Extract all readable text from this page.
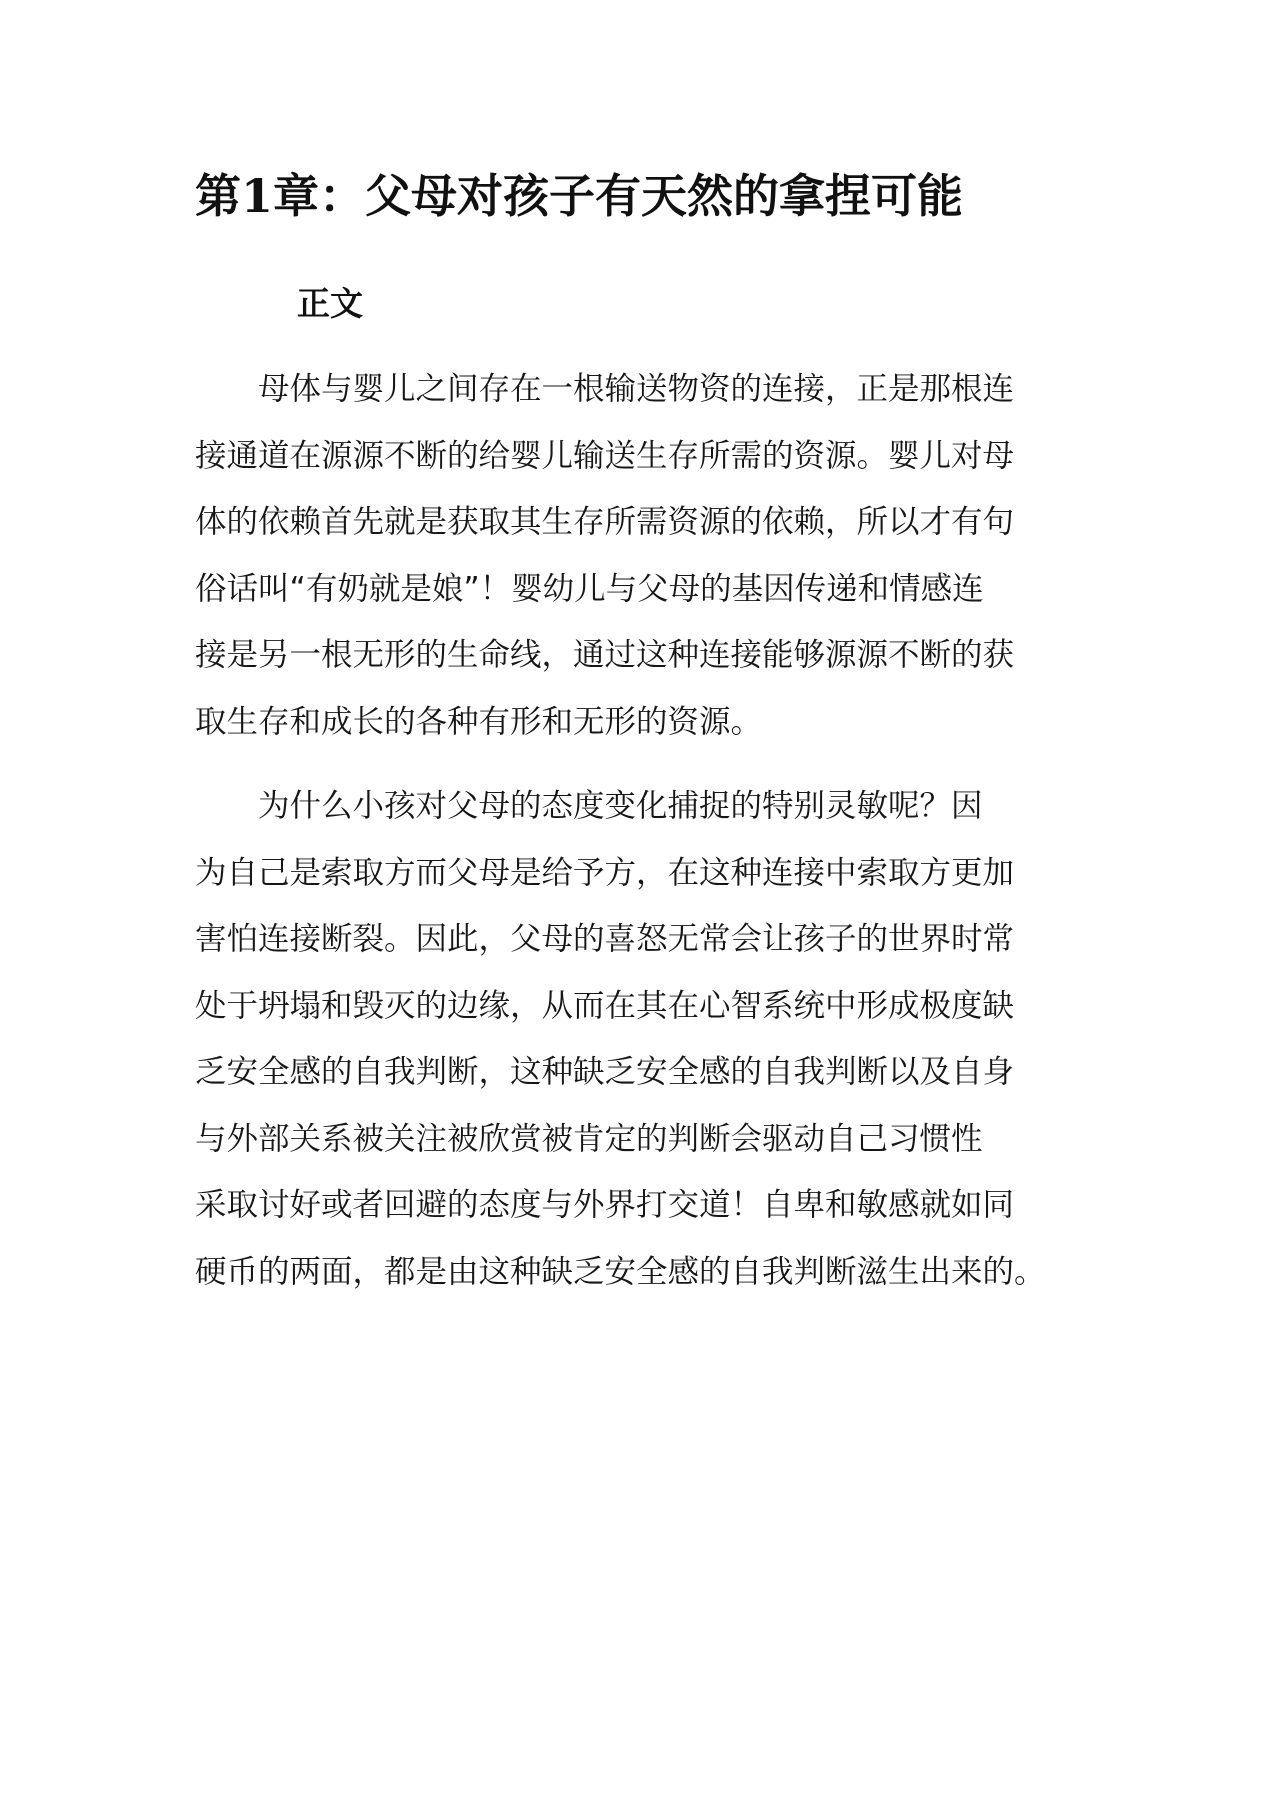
第1章：父母对孩子有天然的拿捏可能
正文
　　母体与婴儿之间存在一根输送物资的连接，正是那根连
接通道在源源不断的给婴儿输送生存所需的资源。婴儿对母
体的依赖首先就是获取其生存所需资源的依赖，所以才有句
俗话叫“有奶就是娘”！婴幼儿与父母的基因传递和情感连
接是另一根无形的生命线，通过这种连接能够源源不断的获
取生存和成长的各种有形和无形的资源。
　　为什么小孩对父母的态度变化捕捉的特别灵敏呢？因
为自己是索取方而父母是给予方，在这种连接中索取方更加
害怕连接断裂。因此，父母的喜怒无常会让孩子的世界时常
处于坍塌和毁灭的边缘，从而在其在心智系统中形成极度缺
乏安全感的自我判断，这种缺乏安全感的自我判断以及自身
与外部关系被关注被欣赏被肯定的判断会驱动自己习惯性
采取讨好或者回避的态度与外界打交道！自卑和敏感就如同
硬币的两面，都是由这种缺乏安全感的自我判断滋生出来的。
